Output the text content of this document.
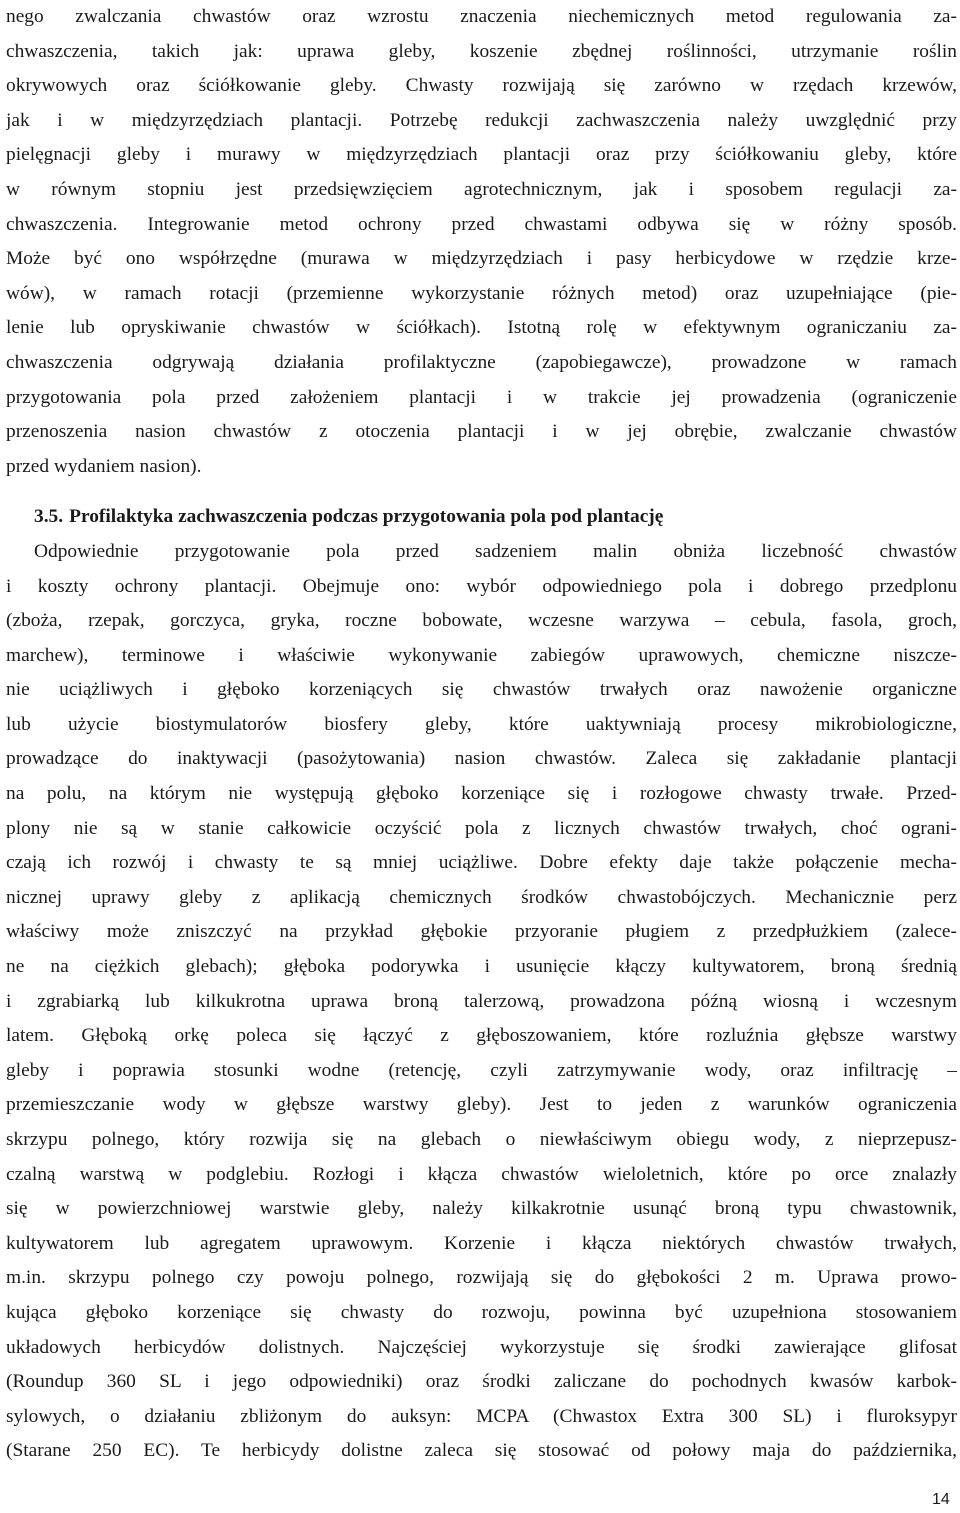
nego zwalczania chwastów oraz wzrostu znaczenia niechemicznych metod regulowania za-
chwaszczenia, takich jak: uprawa gleby, koszenie zbędnej roślinności, utrzymanie roślin
okrywowych oraz ściółkowanie gleby. Chwasty rozwijają się zarówno w rzędach krzewów,
jak i w międzyrzędziach plantacji. Potrzebę redukcji zachwaszczenia należy uwzględnić przy
pielęgnacji gleby i murawy w międzyrzędziach plantacji oraz przy ściółkowaniu gleby, które
w równym stopniu jest przedsięwzięciem agrotechnicznym, jak i sposobem regulacji za-
chwaszczenia. Integrowanie metod ochrony przed chwastami odbywa się w różny sposób.
Może być ono współrzędne (murawa w międzyrzędziach i pasy herbicydowe w rzędzie krze-
wów), w ramach rotacji (przemienne wykorzystanie różnych metod) oraz uzupełniające (pie-
lenie lub opryskiwanie chwastów w ściółkach). Istotną rolę w efektywnym ograniczaniu za-
chwaszczenia odgrywają działania profilaktyczne (zapobiegawcze), prowadzone w ramach
przygotowania pola przed założeniem plantacji i w trakcie jej prowadzenia (ograniczenie
przenoszenia nasion chwastów z otoczenia plantacji i w jej obrębie, zwalczanie chwastów
przed wydaniem nasion).
3.5. Profilaktyka zachwaszczenia podczas przygotowania pola pod plantację
Odpowiednie przygotowanie pola przed sadzeniem malin obniża liczebność chwastów
i koszty ochrony plantacji. Obejmuje ono: wybór odpowiedniego pola i dobrego przedplonu
(zboża, rzepak, gorczyca, gryka, roczne bobowate, wczesne warzywa – cebula, fasola, groch,
marchew), terminowe i właściwie wykonywanie zabiegów uprawowych, chemiczne niszcze-
nie uciążliwych i głęboko korzeniących się chwastów trwałych oraz nawożenie organiczne
lub użycie biostymulatorów biosfery gleby, które uaktywniają procesy mikrobiologiczne,
prowadzące do inaktywacji (pasożytowania) nasion chwastów. Zaleca się zakładanie plantacji
na polu, na którym nie występują głęboko korzeniące się i rozłogowe chwasty trwałe. Przed-
plony nie są w stanie całkowicie oczyścić pola z licznych chwastów trwałych, choć ograni-
czają ich rozwój i chwasty te są mniej uciążliwe. Dobre efekty daje także połączenie mecha-
nicznej uprawy gleby z aplikacją chemicznych środków chwastobójczych. Mechanicznie perz
właściwy może zniszczyć na przykład głębokie przyoranie pługiem z przedpłużkiem (zalece-
ne na ciężkich glebach); głęboka podorywka i usunięcie kłączy kultywatorem, broną średnią
i zgrabiarką lub kilkukrotna uprawa broną talerzową, prowadzona późną wiosną i wczesnym
latem. Głęboką orkę poleca się łączyć z głęboszowaniem, które rozluźnia głębsze warstwy
gleby i poprawia stosunki wodne (retencję, czyli zatrzymywanie wody, oraz infiltrację –
przemieszczanie wody w głębsze warstwy gleby). Jest to jeden z warunków ograniczenia
skrzypu polnego, który rozwija się na glebach o niewłaściwym obiegu wody, z nieprzepusz-
czalną warstwą w podglebiu. Rozłogi i kłącza chwastów wieloletnich, które po orce znalazły
się w powierzchniowej warstwie gleby, należy kilkakrotnie usunąć broną typu chwastownik,
kultywatorem lub agregatem uprawowym. Korzenie i kłącza niektórych chwastów trwałych,
m.in. skrzypu polnego czy powoju polnego, rozwijają się do głębokości 2 m. Uprawa prowo-
kująca głęboko korzeniące się chwasty do rozwoju, powinna być uzupełniona stosowaniem
układowych herbicydów dolistnych. Najczęściej wykorzystuje się środki zawierające glifosat
(Roundup 360 SL i jego odpowiedniki) oraz środki zaliczane do pochodnych kwasów karbok-
sylowych, o działaniu zbliżonym do auksyn: MCPA (Chwastox Extra 300 SL) i fluroksypyr
(Starane 250 EC). Te herbicydy dolistne zaleca się stosować od połowy maja do października,
14
